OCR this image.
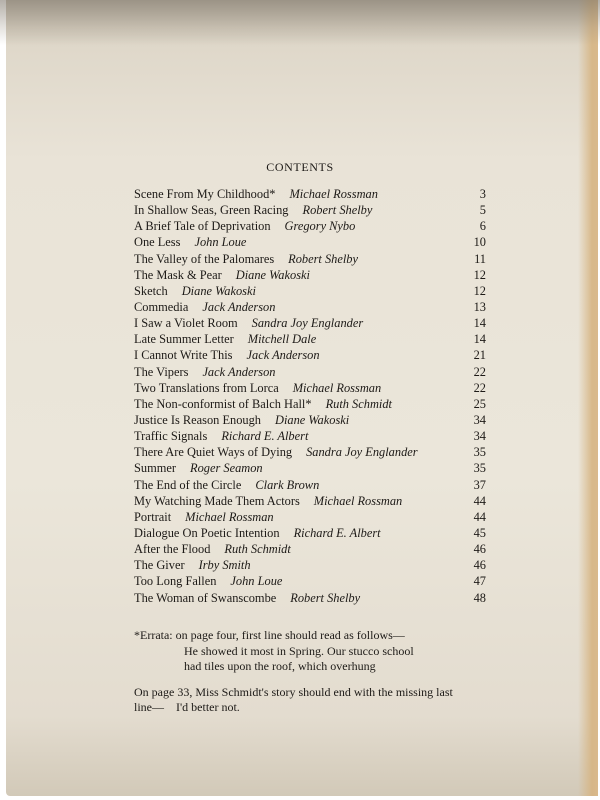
CONTENTS
Scene From My Childhood* Michael Rossman	3
In Shallow Seas, Green Racing Robert Shelby	5
A Brief Tale of Deprivation Gregory Nybo	6
One Less John Loue	10
The Valley of the Palomares Robert Shelby	11
The Mask & Pear Diane Wakoski	12
Sketch Diane Wakoski	12
Commedia Jack Anderson	13
I Saw a Violet Room Sandra Joy Englander	14
Late Summer Letter Mitchell Dale	14
I Cannot Write This Jack Anderson	21
The Vipers Jack Anderson	22
Two Translations from Lorca Michael Rossman	22
The Non-conformist of Balch Hall* Ruth Schmidt	25
Justice Is Reason Enough Diane Wakoski	34
Traffic Signals Richard E. Albert	34
There Are Quiet Ways of Dying Sandra Joy Englander	35
Summer Roger Seamon	35
The End of the Circle Clark Brown	37
My Watching Made Them Actors Michael Rossman	44
Portrait Michael Rossman	44
Dialogue On Poetic Intention Richard E. Albert	45
After the Flood Ruth Schmidt	46
The Giver Irby Smith	46
Too Long Fallen John Loue	47
The Woman of Swanscombe Robert Shelby	48
*Errata: on page four, first line should read as follows—
He showed it most in Spring. Our stucco school
had tiles upon the roof, which overhung
On page 33, Miss Schmidt's story should end with the missing last
line— I'd better not.
